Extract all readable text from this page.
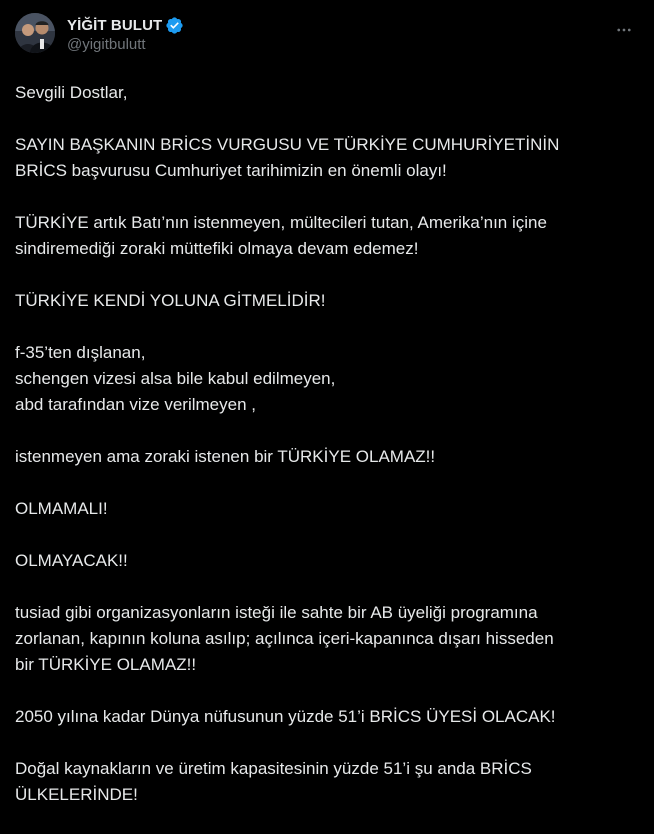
YİĞİT BULUT
@yigitbulutt
Sevgili Dostlar,
SAYIN BAŞKANIN BRİCS VURGUSU VE TÜRKİYE CUMHURİYETİNİN
BRİCS başvurusu Cumhuriyet tarihimizin en önemli olayı!
TÜRKİYE artık Batı’nın istenmeyen, mültecileri tutan, Amerika’nın içine
sindiremediği zoraki müttefiki olmaya devam edemez!
TÜRKİYE KENDİ YOLUNA GİTMELİDİR!
f-35’ten dışlanan,
schengen vizesi alsa bile kabul edilmeyen,
abd tarafından vize verilmeyen ,
istenmeyen ama zoraki istenen bir TÜRKİYE OLAMAZ!!
OLMAMALI!
OLMAYACAK!!
tusiad gibi organizasyonların isteği ile sahte bir AB üyeliği programına
zorlanan, kapının koluna asılıp; açılınca içeri-kapanınca dışarı hisseden
bir TÜRKİYE OLAMAZ!!
2050 yılına kadar Dünya nüfusunun yüzde 51’i BRİCS ÜYESİ OLACAK!
Doğal kaynakların ve üretim kapasitesinin yüzde 51’i şu anda BRİCS
ÜLKELERİNDE!
